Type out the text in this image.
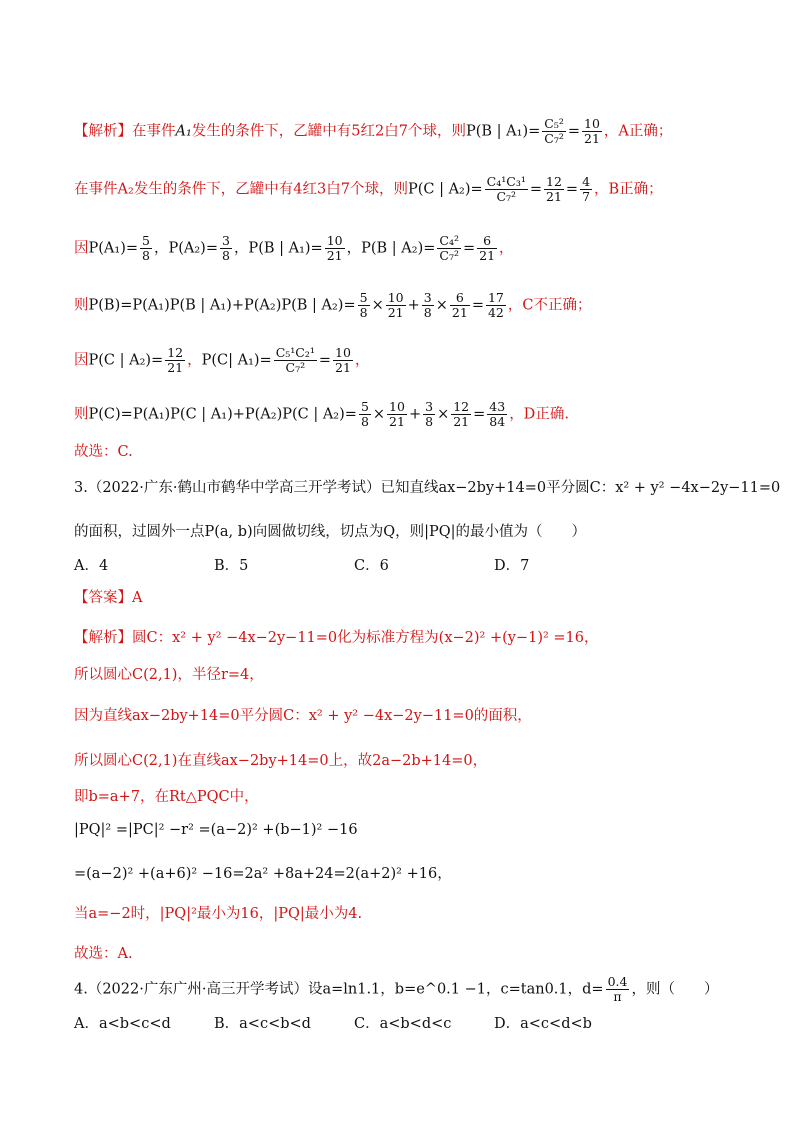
【解析】在事件A₁发生的条件下，乙罐中有5红2白7个球，则P(B | $A_1)= \frac{\text{C₅²}}{\text{C₇²}} = \frac{10}{21}$ ，A正确；
在事件A₂发生的条件下，乙罐中有4红3白7个球，则P(C | $A_2)= \frac{\text{C₄¹C₃¹}}{\text{C₇²}} = \frac{12}{21} = \frac{4}{7}$ ，B正确；
因$P(A_1)= \frac{5}{8}$ ，$P(A_2)= \frac{3}{8}$ ，P(B | $A_1)= \frac{10}{21}$ ，P(B | $A_2)= \frac{\text{C₄²}}{\text{C₇²}} = \frac{6}{21}$ ，
则P(B)=P(A₁)P(B | A₁)+P(A₂)P(B | $A_2)= \frac{5}{8} \times \frac{10}{21} + \frac{3}{8} \times \frac{6}{21} = \frac{17}{42}$ ，C不正确；
因P(C | $A_2)= \frac{12}{21}$ ，P(C| $A_1)= \frac{\text{C₅¹C₂¹}}{\text{C₇²}} = \frac{10}{21}$ ，
则P(C)=P(A₁)P(C | A₁)+P(A₂)P(C | $A_2)= \frac{5}{8} \times \frac{10}{21} + \frac{3}{8} \times \frac{12}{21} = \frac{43}{84}$ ，D正确.
故选：C.
3.（2022·广东·鹤山市鹤华中学高三开学考试）已知直线ax−2by+14=0平分圆C：x² + y² −4x−2y−11=0
的面积，过圆外一点P(a, b)向圆做切线，切点为Q，则|PQ|的最小值为（　　）
A．4	B．5	C．6	D．7
【答案】A
【解析】圆C：x² + y² −4x−2y−11=0化为标准方程为(x−2)² +(y−1)² =16，
所以圆心C(2,1)，半径r=4，
因为直线ax−2by+14=0平分圆C：x² + y² −4x−2y−11=0的面积，
所以圆心C(2,1)在直线ax−2by+14=0上，故2a−2b+14=0，
即b=a+7，在Rt△PQC中，
|PQ|² =|PC|² −r² =(a−2)² +(b−1)² −16
=(a−2)² +(a+6)² −16=2a² +8a+24=2(a+2)² +16，
当a=−2时，|PQ|²最小为16，|PQ|最小为4.
故选：A.
4.（2022·广东广州·高三开学考试）设a=ln1.1，b=e^0.1 −1，c=tan0.1，$d= \frac{0.4}{\pi}$ ，则（　　）
A．a<b<c<d	B．a<c<b<d	C．a<b<d<c	D．a<c<d<b
